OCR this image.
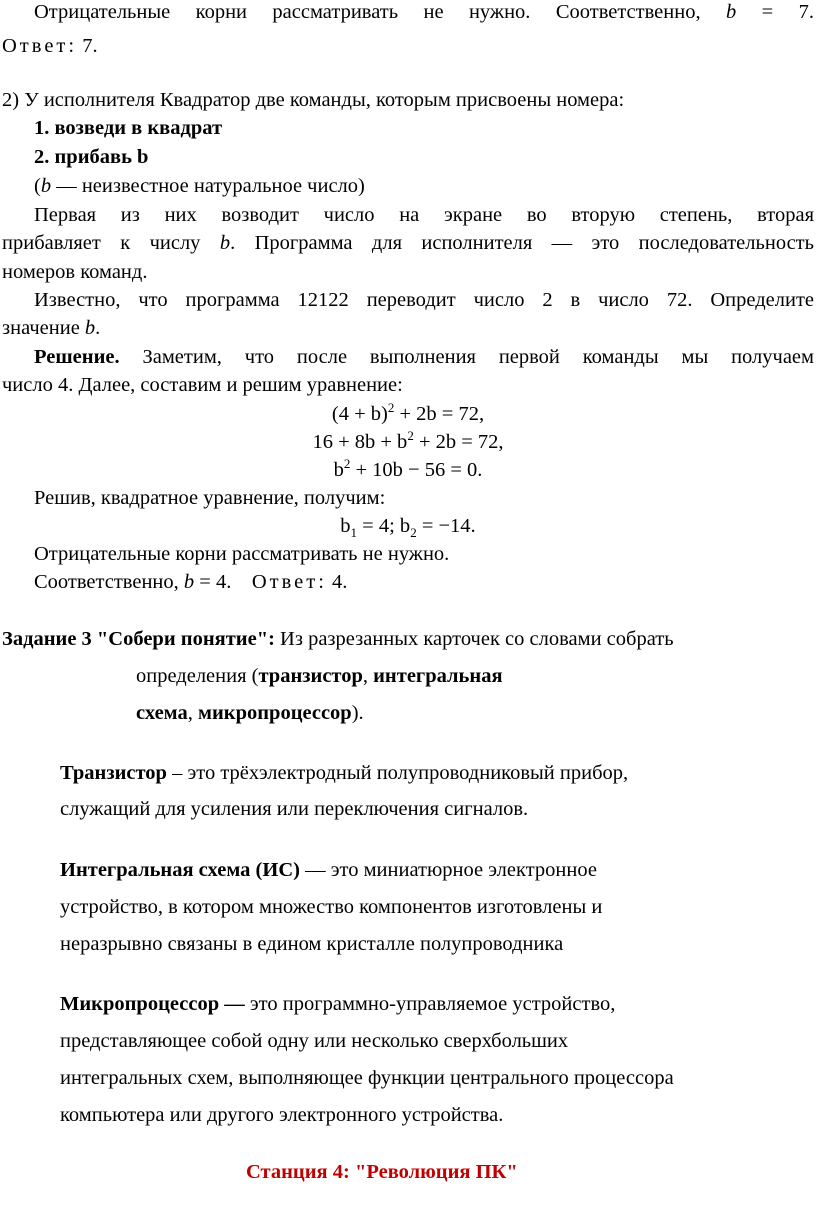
Отрицательные корни рассматривать не нужно. Соответственно, b = 7.
Ответ: 7.
2) У исполнителя Квадратор две команды, которым присвоены номера:
1. возведи в квадрат
2. прибавь b
(b — неизвестное натуральное число)
Первая из них возводит число на экране во вторую степень, вторая
прибавляет к числу b. Программа для исполнителя — это последовательность
номеров команд.
Известно, что программа 12122 переводит число 2 в число 72. Определите
значение b.
Решение. Заметим, что после выполнения первой команды мы получаем
число 4. Далее, составим и решим уравнение:
$(4 + b)^2 + 2b = 72$,
$16 + 8b + b^2 + 2b = 72$,
$b^2 + 10b - 56 = 0$.
Решив, квадратное уравнение, получим:
$b_1 = 4$; $b_2 = -14$.
Отрицательные корни рассматривать не нужно.
Соответственно, b = 4. Ответ: 4.
Задание 3 "Собери понятие": Из разрезанных карточек со словами собрать
определения (транзистор, интегральная
схема, микропроцессор).
Транзистор – это трёхэлектродный полупроводниковый прибор,
служащий для усиления или переключения сигналов.
Интегральная схема (ИС) — это миниатюрное электронное
устройство, в котором множество компонентов изготовлены и
неразрывно связаны в едином кристалле полупроводника
Микропроцессор — это программно-управляемое устройство,
представляющее собой одну или несколько сверхбольших
интегральных схем, выполняющее функции центрального процессора
компьютера или другого электронного устройства.
Станция 4: "Революция ПК"
